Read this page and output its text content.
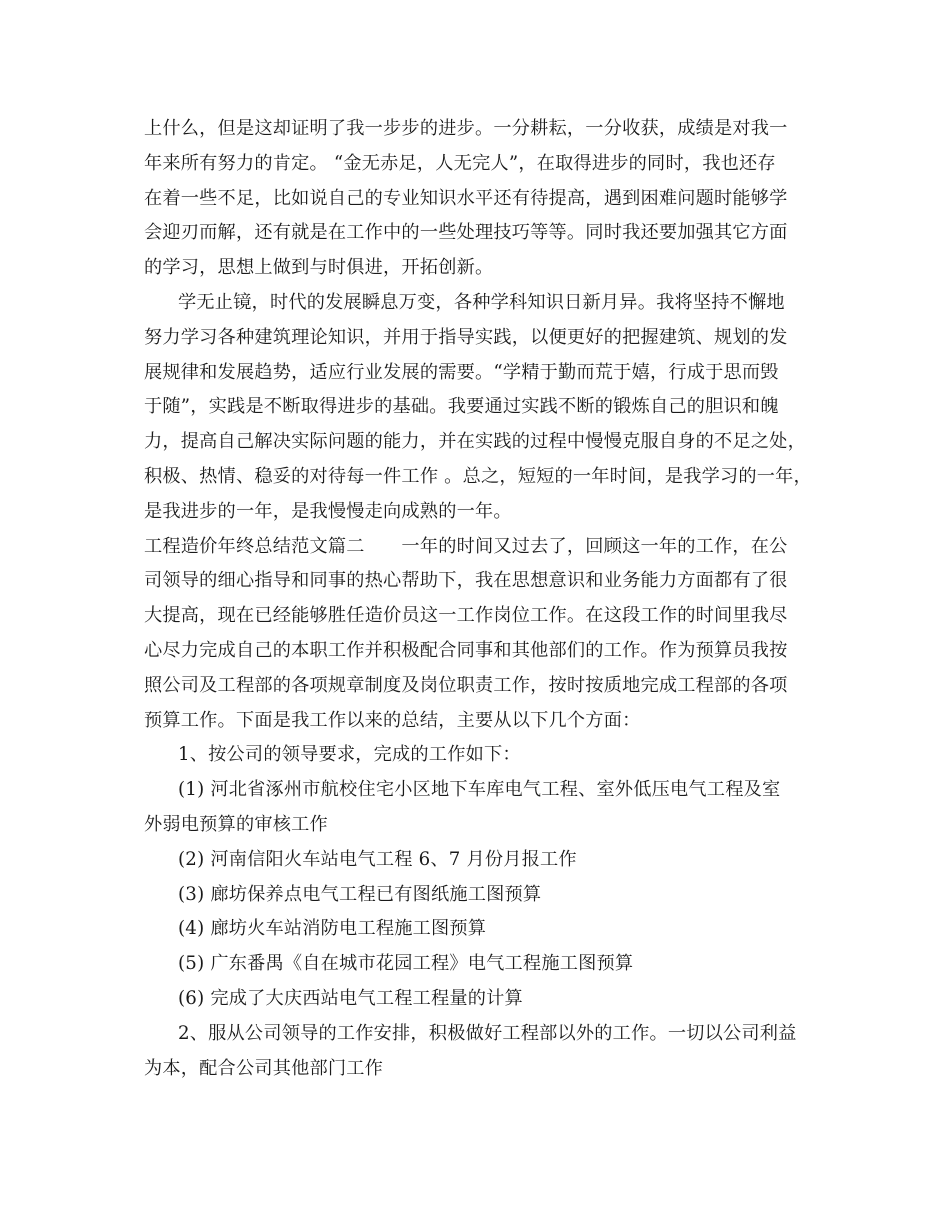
上什么，但是这却证明了我一步步的进步。一分耕耘，一分收获，成绩是对我一
年来所有努力的肯定。 “金无赤足，人无完人”，在取得进步的同时，我也还存
在着一些不足，比如说自己的专业知识水平还有待提高，遇到困难问题时能够学
会迎刃而解，还有就是在工作中的一些处理技巧等等。同时我还要加强其它方面
的学习，思想上做到与时俱进，开拓创新。
学无止镜，时代的发展瞬息万变，各种学科知识日新月异。我将坚持不懈地
努力学习各种建筑理论知识，并用于指导实践，以便更好的把握建筑、规划的发
展规律和发展趋势，适应行业发展的需要。“学精于勤而荒于嬉，行成于思而毁
于随”，实践是不断取得进步的基础。我要通过实践不断的锻炼自己的胆识和魄
力，提高自己解决实际问题的能力，并在实践的过程中慢慢克服自身的不足之处，
积极、热情、稳妥的对待每一件工作 。总之，短短的一年时间，是我学习的一年，
是我进步的一年，是我慢慢走向成熟的一年。
工程造价年终总结范文篇二　　一年的时间又过去了，回顾这一年的工作，在公
司领导的细心指导和同事的热心帮助下，我在思想意识和业务能力方面都有了很
大提高，现在已经能够胜任造价员这一工作岗位工作。在这段工作的时间里我尽
心尽力完成自己的本职工作并积极配合同事和其他部们的工作。作为预算员我按
照公司及工程部的各项规章制度及岗位职责工作，按时按质地完成工程部的各项
预算工作。下面是我工作以来的总结，主要从以下几个方面：
1、按公司的领导要求，完成的工作如下：
(1) 河北省涿州市航校住宅小区地下车库电气工程、室外低压电气工程及室
外弱电预算的审核工作
(2) 河南信阳火车站电气工程 6、7 月份月报工作
(3) 廊坊保养点电气工程已有图纸施工图预算
(4) 廊坊火车站消防电工程施工图预算
(5) 广东番禺《自在城市花园工程》电气工程施工图预算
(6) 完成了大庆西站电气工程工程量的计算
2、服从公司领导的工作安排，积极做好工程部以外的工作。一切以公司利益
为本，配合公司其他部门工作
